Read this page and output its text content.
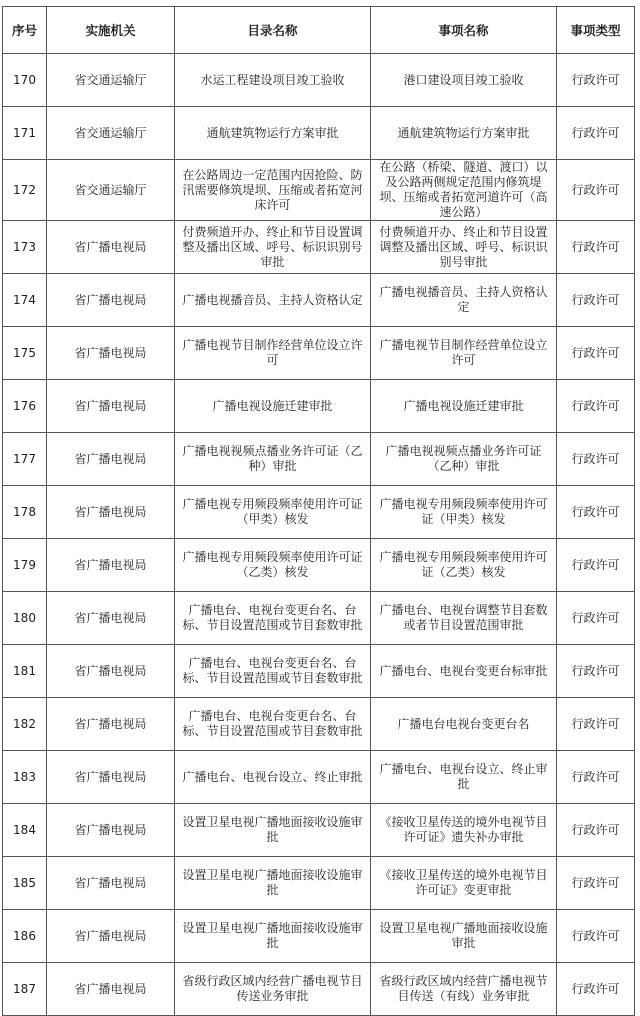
序号	实施机关	目录名称	事项名称	事项类型
170	省交通运输厅	水运工程建设项目竣工验收	港口建设项目竣工验收	行政许可
171	省交通运输厅	通航建筑物运行方案审批	通航建筑物运行方案审批	行政许可
172	省交通运输厅	在公路周边一定范围内因抢险、防汛需要修筑堤坝、压缩或者拓宽河床许可	在公路（桥梁、隧道、渡口）以及公路两侧规定范围内修筑堤坝、压缩或者拓宽河道许可（高速公路）	行政许可
173	省广播电视局	付费频道开办、终止和节目设置调整及播出区域、呼号、标识识别号审批	付费频道开办、终止和节目设置调整及播出区域、呼号、标识识别号审批	行政许可
174	省广播电视局	广播电视播音员、主持人资格认定	广播电视播音员、主持人资格认定	行政许可
175	省广播电视局	广播电视节目制作经营单位设立许可	广播电视节目制作经营单位设立许可	行政许可
176	省广播电视局	广播电视设施迁建审批	广播电视设施迁建审批	行政许可
177	省广播电视局	广播电视视频点播业务许可证（乙种）审批	广播电视视频点播业务许可证（乙种）审批	行政许可
178	省广播电视局	广播电视专用频段频率使用许可证（甲类）核发	广播电视专用频段频率使用许可证（甲类）核发	行政许可
179	省广播电视局	广播电视专用频段频率使用许可证（乙类）核发	广播电视专用频段频率使用许可证（乙类）核发	行政许可
180	省广播电视局	广播电台、电视台变更台名、台标、节目设置范围或节目套数审批	广播电台、电视台调整节目套数或者节目设置范围审批	行政许可
181	省广播电视局	广播电台、电视台变更台名、台标、节目设置范围或节目套数审批	广播电台、电视台变更台标审批	行政许可
182	省广播电视局	广播电台、电视台变更台名、台标、节目设置范围或节目套数审批	广播电台电视台变更台名	行政许可
183	省广播电视局	广播电台、电视台设立、终止审批	广播电台、电视台设立、终止审批	行政许可
184	省广播电视局	设置卫星电视广播地面接收设施审批	《接收卫星传送的境外电视节目许可证》遗失补办审批	行政许可
185	省广播电视局	设置卫星电视广播地面接收设施审批	《接收卫星传送的境外电视节目许可证》变更审批	行政许可
186	省广播电视局	设置卫星电视广播地面接收设施审批	设置卫星电视广播地面接收设施审批	行政许可
187	省广播电视局	省级行政区域内经营广播电视节目传送业务审批	省级行政区域内经营广播电视节目传送（有线）业务审批	行政许可
